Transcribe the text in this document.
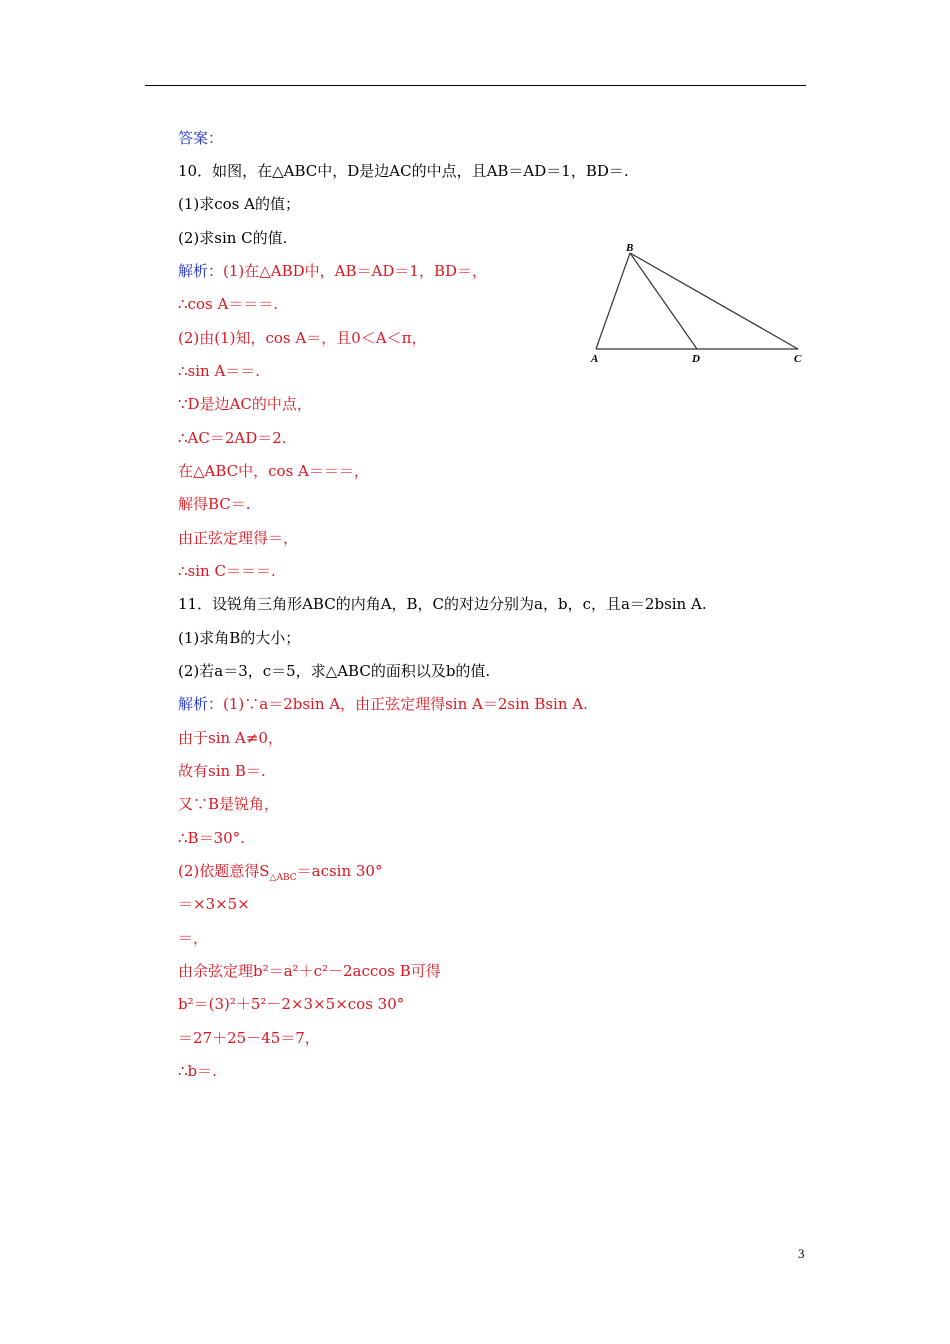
答案：
10．如图，在△ABC中，D是边AC的中点，且AB＝AD＝1，BD＝.
(1)求cos A的值；
(2)求sin C的值.
解析：(1)在△ABD中，AB＝AD＝1，BD＝，
∴cos A＝＝＝.
(2)由(1)知，cos A＝，且0＜A＜π，
∴sin A＝＝.
∵D是边AC的中点，
∴AC＝2AD＝2.
在△ABC中，cos A＝＝＝，
解得BC＝.
由正弦定理得＝，
∴sin C＝＝＝.
B
A	D	C
11．设锐角三角形ABC的内角A，B，C的对边分别为a，b，c，且a＝2bsin A.
(1)求角B的大小；
(2)若a＝3，c＝5，求△ABC的面积以及b的值.
解析：(1)∵a＝2bsin A，由正弦定理得sin A＝2sin Bsin A.
由于sin A≠0，
故有sin B＝.
又∵B是锐角，
∴B＝30°.
(2)依题意得$S_{\triangle ABC}=acsin$ 30°
＝×3×5×
＝，
由余弦定理b²＝a²＋c²－2accos B可得
b²＝(3)²＋5²－2×3×5×cos 30°
＝27＋25－45＝7，
∴b＝.
3
